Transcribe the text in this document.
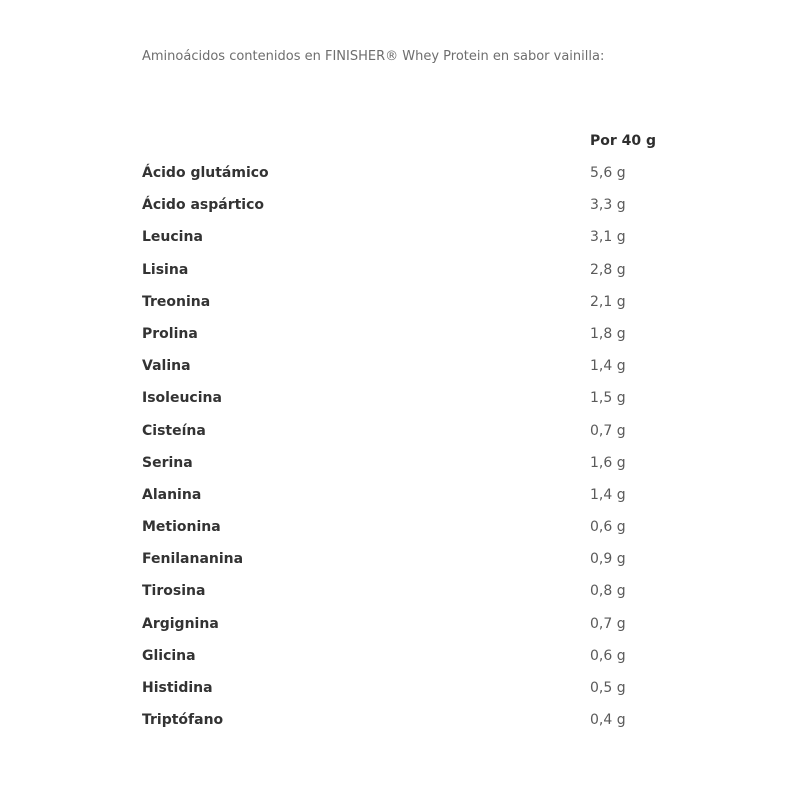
Aminoácidos contenidos en FINISHER® Whey Protein en sabor vainilla:

Por 40 g
Ácido glutámico	5,6 g
Ácido aspártico	3,3 g
Leucina	3,1 g
Lisina	2,8 g
Treonina	2,1 g
Prolina	1,8 g
Valina	1,4 g
Isoleucina	1,5 g
Cisteína	0,7 g
Serina	1,6 g
Alanina	1,4 g
Metionina	0,6 g
Fenilananina	0,9 g
Tirosina	0,8 g
Argignina	0,7 g
Glicina	0,6 g
Histidina	0,5 g
Triptófano	0,4 g
